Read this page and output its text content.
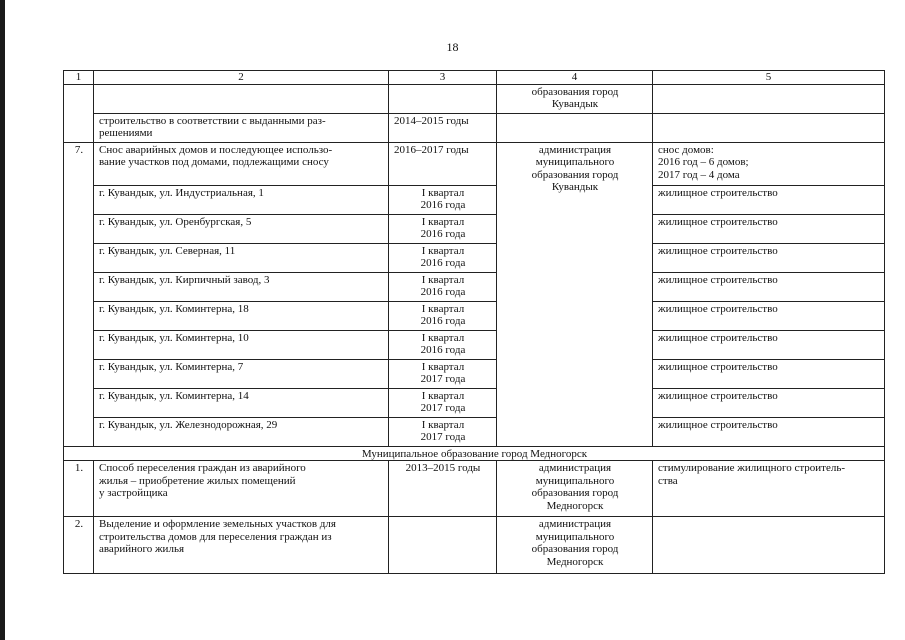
18
1	2	3	4	5
			образования город
Кувандык	
	строительство в соответствии с выданными раз-
решениями	2014–2015 годы		
7.	Снос аварийных домов и последующее использо-
вание участков под домами, подлежащими сносу	2016–2017 годы	администрация
муниципального
образования город
Кувандык	снос домов:
2016 год – 6 домов;
2017 год – 4 дома
	г. Кувандык, ул. Индустриальная, 1	I квартал
2016 года		жилищное строительство
	г. Кувандык, ул. Оренбургская, 5	I квартал
2016 года		жилищное строительство
	г. Кувандык, ул. Северная, 11	I квартал
2016 года		жилищное строительство
	г. Кувандык, ул. Кирпичный завод, 3	I квартал
2016 года		жилищное строительство
	г. Кувандык, ул. Коминтерна, 18	I квартал
2016 года		жилищное строительство
	г. Кувандык, ул. Коминтерна, 10	I квартал
2016 года		жилищное строительство
	г. Кувандык, ул. Коминтерна, 7	I квартал
2017 года		жилищное строительство
	г. Кувандык, ул. Коминтерна, 14	I квартал
2017 года		жилищное строительство
	г. Кувандык, ул. Железнодорожная, 29	I квартал
2017 года		жилищное строительство
Муниципальное образование город Медногорск				
1.	Способ переселения граждан из аварийного
жилья – приобретение жилых помещений
у застройщика	2013–2015 годы	администрация
муниципального
образования город
Медногорск	стимулирование жилищного строитель-
ства
2.	Выделение и оформление земельных участков для
строительства домов для переселения граждан из
аварийного жилья		администрация
муниципального
образования город
Медногорск	
